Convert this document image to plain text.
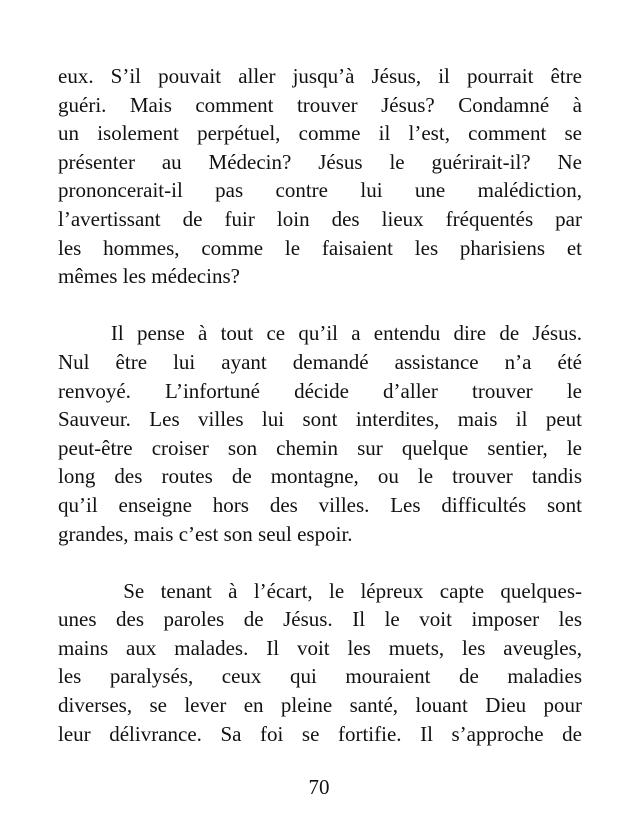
eux. S’il pouvait aller jusqu’à Jésus, il pourrait être
guéri. Mais comment trouver Jésus? Condamné à
un isolement perpétuel, comme il l’est, comment se
présenter au Médecin? Jésus le guérirait-il? Ne
prononcerait-il pas contre lui une malédiction,
l’avertissant de fuir loin des lieux fréquentés par
les hommes, comme le faisaient les pharisiens et
mêmes les médecins?
Il pense à tout ce qu’il a entendu dire de Jésus.
Nul être lui ayant demandé assistance n’a été
renvoyé. L’infortuné décide d’aller trouver le
Sauveur. Les villes lui sont interdites, mais il peut
peut-être croiser son chemin sur quelque sentier, le
long des routes de montagne, ou le trouver tandis
qu’il enseigne hors des villes. Les difficultés sont
grandes, mais c’est son seul espoir.
Se tenant à l’écart, le lépreux capte quelques-
unes des paroles de Jésus. Il le voit imposer les
mains aux malades. Il voit les muets, les aveugles,
les paralysés, ceux qui mouraient de maladies
diverses, se lever en pleine santé, louant Dieu pour
leur délivrance. Sa foi se fortifie. Il s’approche de
70
